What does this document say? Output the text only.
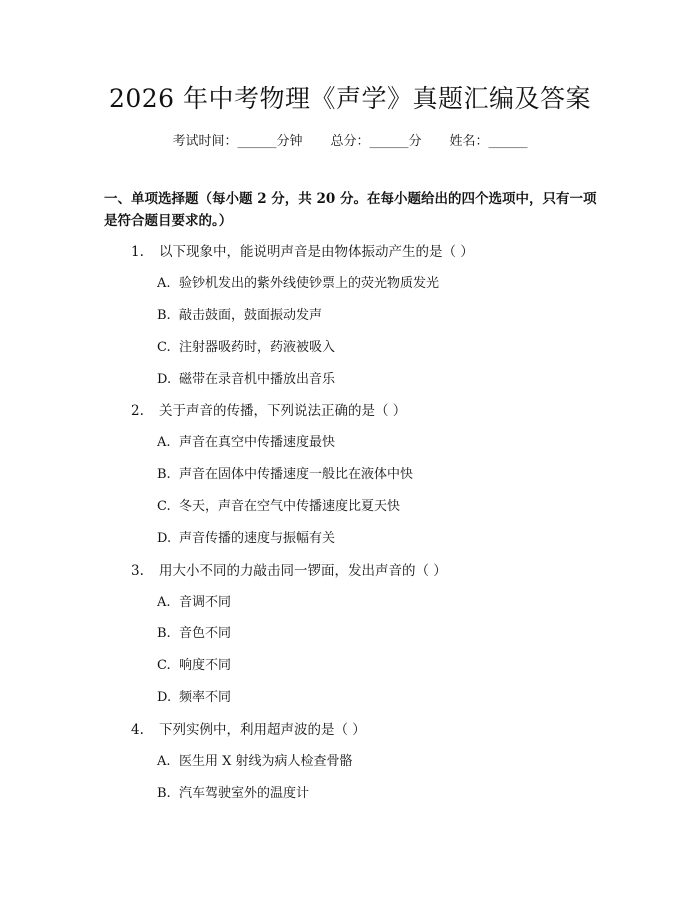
2026 年中考物理《声学》真题汇编及答案
考试时间：______分钟 总分：______分 姓名：______
一、单项选择题（每小题 2 分，共 20 分。在每小题给出的四个选项中，只有一项是符合题目要求的。）
1. 以下现象中，能说明声音是由物体振动产生的是（ ）
A. 验钞机发出的紫外线使钞票上的荧光物质发光
B. 敲击鼓面，鼓面振动发声
C. 注射器吸药时，药液被吸入
D. 磁带在录音机中播放出音乐
2. 关于声音的传播，下列说法正确的是（ ）
A. 声音在真空中传播速度最快
B. 声音在固体中传播速度一般比在液体中快
C. 冬天，声音在空气中传播速度比夏天快
D. 声音传播的速度与振幅有关
3. 用大小不同的力敲击同一锣面，发出声音的（ ）
A. 音调不同
B. 音色不同
C. 响度不同
D. 频率不同
4. 下列实例中，利用超声波的是（ ）
A. 医生用 X 射线为病人检查骨骼
B. 汽车驾驶室外的温度计
